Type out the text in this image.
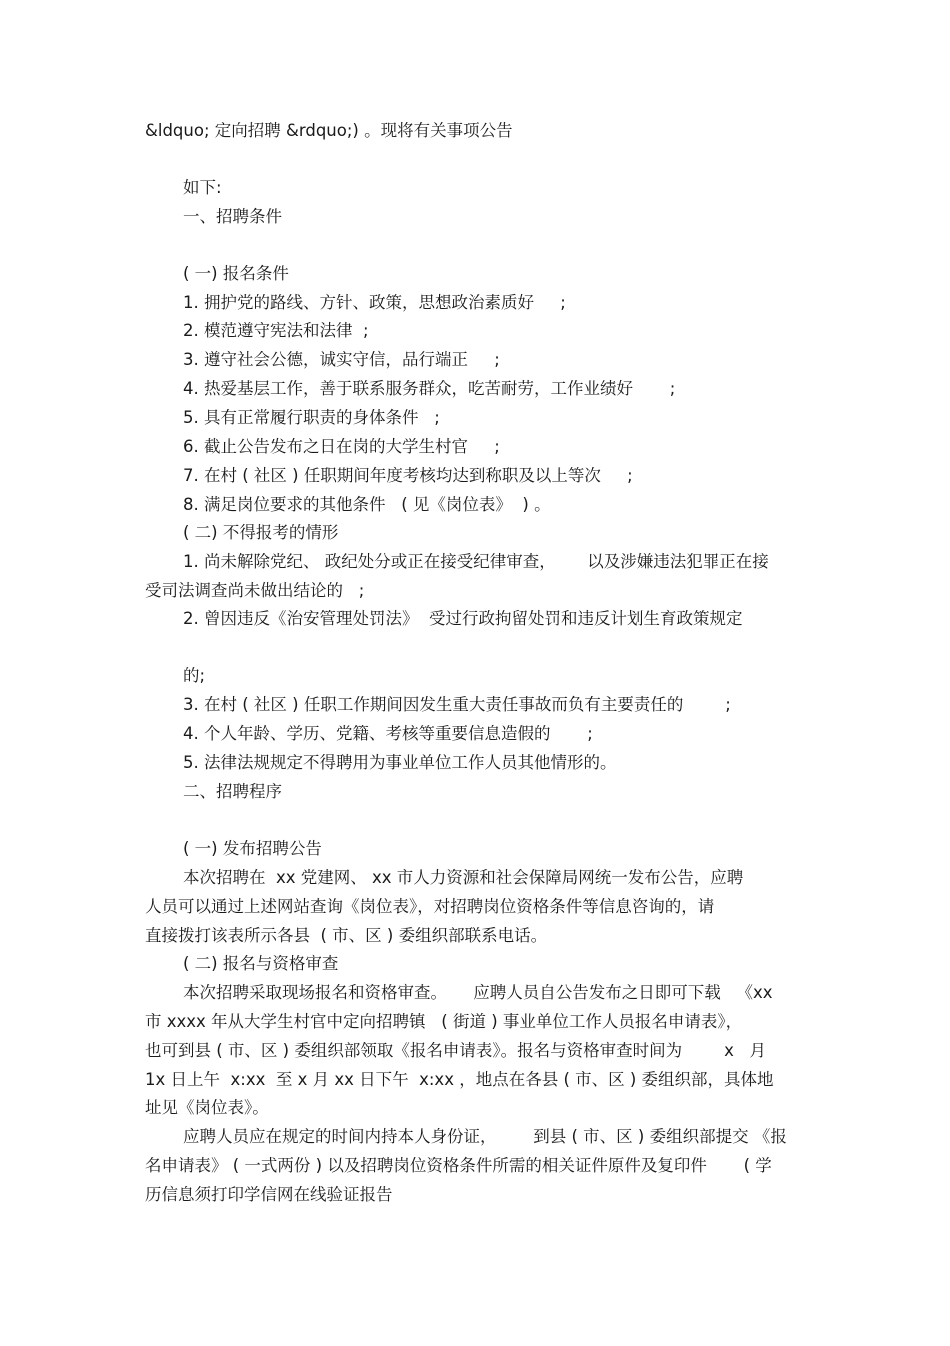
&ldquo; 定向招聘 &rdquo;) 。现将有关事项公告
如下:
一、招聘条件
( 一) 报名条件
1. 拥护党的路线、方针、政策，思想政治素质好     ;
2. 模范遵守宪法和法律  ;
3. 遵守社会公德，诚实守信，品行端正     ;
4. 热爱基层工作，善于联系服务群众，吃苦耐劳，工作业绩好       ;
5. 具有正常履行职责的身体条件   ;
6. 截止公告发布之日在岗的大学生村官     ;
7. 在村 ( 社区 ) 任职期间年度考核均达到称职及以上等次     ;
8. 满足岗位要求的其他条件   ( 见《岗位表》  ) 。
( 二) 不得报考的情形
1. 尚未解除党纪、 政纪处分或正在接受纪律审查，      以及涉嫌违法犯罪正在接
受司法调查尚未做出结论的   ;
2. 曾因违反《治安管理处罚法》  受过行政拘留处罚和违反计划生育政策规定
的;
3. 在村 ( 社区 ) 任职工作期间因发生重大责任事故而负有主要责任的        ;
4. 个人年龄、学历、党籍、考核等重要信息造假的       ;
5. 法律法规规定不得聘用为事业单位工作人员其他情形的。
二、招聘程序
( 一) 发布招聘公告
本次招聘在  xx 党建网、 xx 市人力资源和社会保障局网统一发布公告，应聘
人员可以通过上述网站查询《岗位表》，对招聘岗位资格条件等信息咨询的，请
直接拨打该表所示各县  ( 市、区 ) 委组织部联系电话。
( 二) 报名与资格审查
本次招聘采取现场报名和资格审查。     应聘人员自公告发布之日即可下载   《xx
市 xxxx 年从大学生村官中定向招聘镇   ( 街道 ) 事业单位工作人员报名申请表》，
也可到县 ( 市、区 ) 委组织部领取《报名申请表》。报名与资格审查时间为        x   月
1x 日上午  x:xx  至 x 月 xx 日下午  x:xx ，地点在各县 ( 市、区 ) 委组织部，具体地
址见《岗位表》。
应聘人员应在规定的时间内持本人身份证，       到县 ( 市、区 ) 委组织部提交 《报
名申请表》 ( 一式两份 ) 以及招聘岗位资格条件所需的相关证件原件及复印件       ( 学
历信息须打印学信网在线验证报告
